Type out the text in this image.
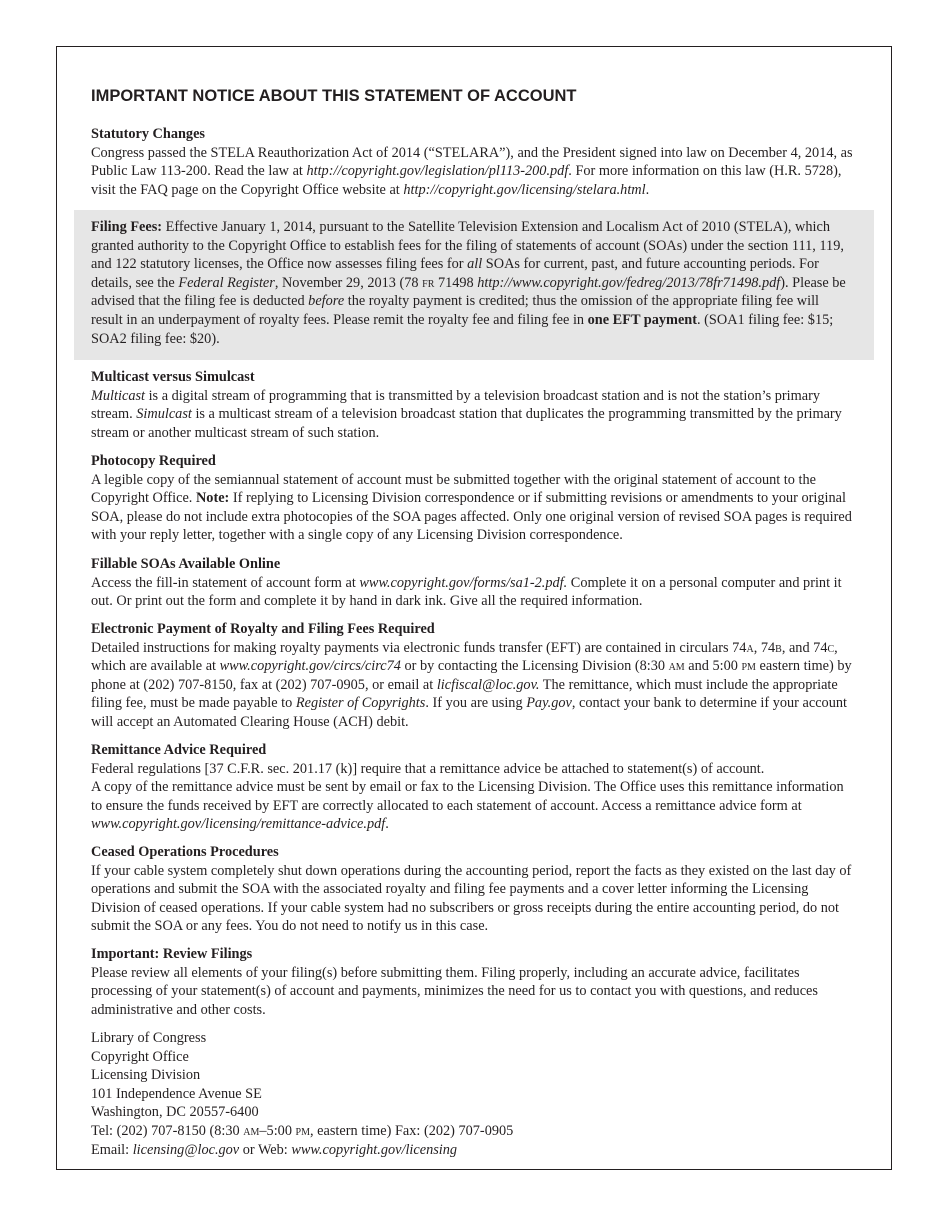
IMPORTANT NOTICE ABOUT THIS STATEMENT OF ACCOUNT
Statutory Changes

Congress passed the STELA Reauthorization Act of 2014 (“STELARA”), and the President signed into law on December 4, 2014, as Public Law 113-200. Read the law at http://copyright.gov/legislation/pl113-200.pdf. For more information on this law (H.R. 5728), visit the FAQ page on the Copyright Office website at http://copyright.gov/licensing/stelara.html.

Filing Fees: Effective January 1, 2014, pursuant to the Satellite Television Extension and Localism Act of 2010 (STELA), which granted authority to the Copyright Office to establish fees for the filing of statements of account (SOAs) under the section 111, 119, and 122 statutory licenses, the Office now assesses filing fees for all SOAs for current, past, and future accounting periods. For details, see the Federal Register, November 29, 2013 (78 fr 71498 http://www.copyright.gov/fedreg/2013/78fr71498.pdf). Please be advised that the filing fee is deducted before the royalty payment is credited; thus the omission of the appropriate filing fee will result in an underpayment of royalty fees. Please remit the royalty fee and filing fee in one EFT payment. (SOA1 filing fee: $15; SOA2 filing fee: $20).

Multicast versus Simulcast

Multicast is a digital stream of programming that is transmitted by a television broadcast station and is not the station’s primary stream. Simulcast is a multicast stream of a television broadcast station that duplicates the programming transmitted by the primary stream or another multicast stream of such station.

Photocopy Required

A legible copy of the semiannual statement of account must be submitted together with the original statement of account to the Copyright Office. Note: If replying to Licensing Division correspondence or if submitting revisions or amendments to your original SOA, please do not include extra photocopies of the SOA pages affected. Only one original version of revised SOA pages is required with your reply letter, together with a single copy of any Licensing Division correspondence.

Fillable SOAs Available Online

Access the fill-in statement of account form at www.copyright.gov/forms/sa1-2.pdf. Complete it on a personal computer and print it out. Or print out the form and complete it by hand in dark ink. Give all the required information.

Electronic Payment of Royalty and Filing Fees Required

Detailed instructions for making royalty payments via electronic funds transfer (EFT) are contained in circulars 74a, 74b, and 74c, which are available at www.copyright.gov/circs/circ74 or by contacting the Licensing Division (8:30 am and 5:00 pm eastern time) by phone at (202) 707-8150, fax at (202) 707-0905, or email at licfiscal@loc.gov. The remittance, which must include the appropriate filing fee, must be made payable to Register of Copyrights. If you are using Pay.gov, contact your bank to determine if your account will accept an Automated Clearing House (ACH) debit.

Remittance Advice Required

Federal regulations [37 C.F.R. sec. 201.17 (k)] require that a remittance advice be attached to statement(s) of account.

A copy of the remittance advice must be sent by email or fax to the Licensing Division. The Office uses this remittance information to ensure the funds received by EFT are correctly allocated to each statement of account. Access a remittance advice form at www.copyright.gov/licensing/remittance-advice.pdf.

Ceased Operations Procedures

If your cable system completely shut down operations during the accounting period, report the facts as they existed on the last day of operations and submit the SOA with the associated royalty and filing fee payments and a cover letter informing the Licensing Division of ceased operations. If your cable system had no subscribers or gross receipts during the entire accounting period, do not submit the SOA or any fees. You do not need to notify us in this case.

Important: Review Filings

Please review all elements of your filing(s) before submitting them. Filing properly, including an accurate advice, facilitates processing of your statement(s) of account and payments, minimizes the need for us to contact you with questions, and reduces administrative and other costs.

Library of Congress
Copyright Office
Licensing Division
101 Independence Avenue SE
Washington, DC 20557-6400
Tel: (202) 707-8150 (8:30 am–5:00 pm, eastern time) Fax: (202) 707-0905
Email: licensing@loc.gov or Web: www.copyright.gov/licensing
